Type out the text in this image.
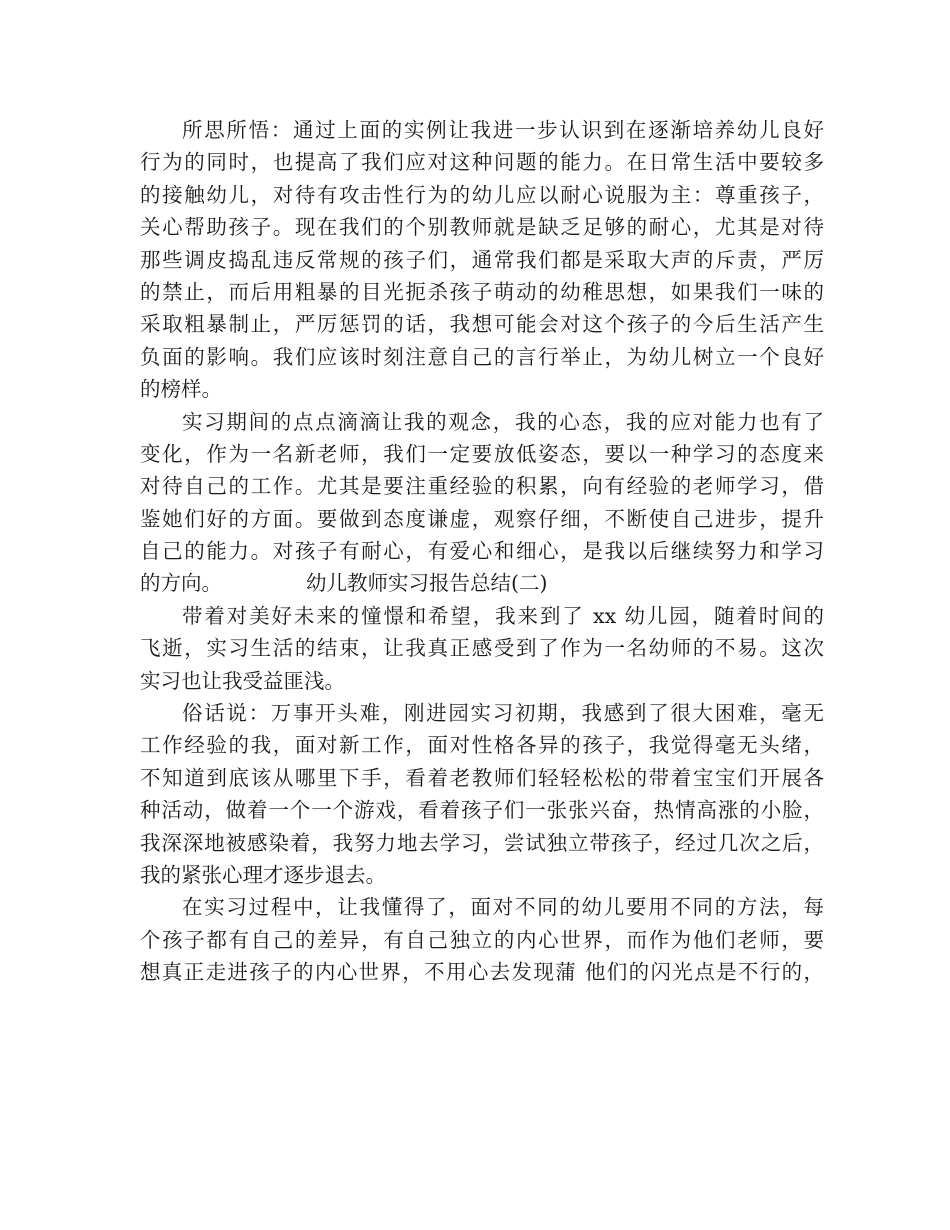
所思所悟：通过上面的实例让我进一步认识到在逐渐培养幼儿良好
行为的同时，也提高了我们应对这种问题的能力。在日常生活中要较多
的接触幼儿，对待有攻击性行为的幼儿应以耐心说服为主：尊重孩子，
关心帮助孩子。现在我们的个别教师就是缺乏足够的耐心，尤其是对待
那些调皮捣乱违反常规的孩子们，通常我们都是采取大声的斥责，严厉
的禁止，而后用粗暴的目光扼杀孩子萌动的幼稚思想，如果我们一味的
采取粗暴制止，严厉惩罚的话，我想可能会对这个孩子的今后生活产生
负面的影响。我们应该时刻注意自己的言行举止，为幼儿树立一个良好
的榜样。
实习期间的点点滴滴让我的观念，我的心态，我的应对能力也有了
变化，作为一名新老师，我们一定要放低姿态，要以一种学习的态度来
对待自己的工作。尤其是要注重经验的积累，向有经验的老师学习，借
鉴她们好的方面。要做到态度谦虚，观察仔细，不断使自己进步，提升
自己的能力。对孩子有耐心，有爱心和细心，是我以后继续努力和学习
的方向。	幼儿教师实习报告总结(二)
带着对美好未来的憧憬和希望，我来到了 xx 幼儿园，随着时间的
飞逝，实习生活的结束，让我真正感受到了作为一名幼师的不易。这次
实习也让我受益匪浅。
俗话说：万事开头难，刚进园实习初期，我感到了很大困难，毫无
工作经验的我，面对新工作，面对性格各异的孩子，我觉得毫无头绪，
不知道到底该从哪里下手，看着老教师们轻轻松松的带着宝宝们开展各
种活动，做着一个一个游戏，看着孩子们一张张兴奋，热情高涨的小脸，
我深深地被感染着，我努力地去学习，尝试独立带孩子，经过几次之后，
我的紧张心理才逐步退去。
在实习过程中，让我懂得了，面对不同的幼儿要用不同的方法，每
个孩子都有自己的差异，有自己独立的内心世界，而作为他们老师，要
想真正走进孩子的内心世界，不用心去发现蒲 他们的闪光点是不行的，
